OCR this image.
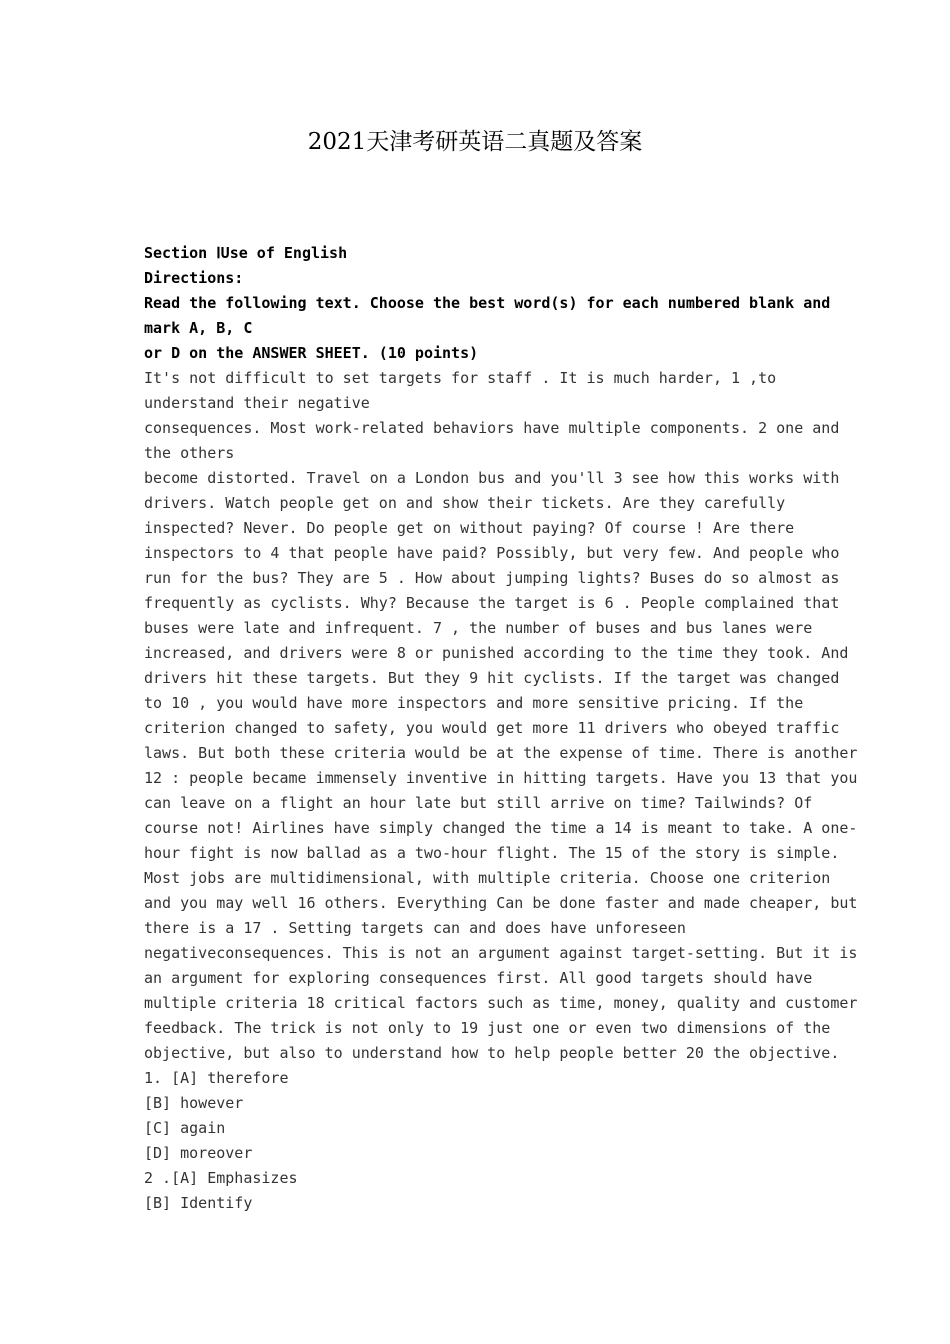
2021天津考研英语二真题及答案
Section ⅠUse of English
Directions:
Read the following text. Choose the best word(s) for each numbered blank and
mark A, B, C
or D on the ANSWER SHEET. (10 points)
It's not difficult to set targets for staff . It is much harder, 1 ,to
understand their negative
consequences. Most work-related behaviors have multiple components. 2 one and
the others
become distorted. Travel on a London bus and you'll 3 see how this works with
drivers. Watch people get on and show their tickets. Are they carefully
inspected? Never. Do people get on without paying? Of course ! Are there
inspectors to 4 that people have paid? Possibly, but very few. And people who
run for the bus? They are 5 . How about jumping lights? Buses do so almost as
frequently as cyclists. Why? Because the target is 6 . People complained that
buses were late and infrequent. 7 , the number of buses and bus lanes were
increased, and drivers were 8 or punished according to the time they took. And
drivers hit these targets. But they 9 hit cyclists. If the target was changed
to 10 , you would have more inspectors and more sensitive pricing. If the
criterion changed to safety, you would get more 11 drivers who obeyed traffic
laws. But both these criteria would be at the expense of time. There is another
12 : people became immensely inventive in hitting targets. Have you 13 that you
can leave on a flight an hour late but still arrive on time? Tailwinds? Of
course not! Airlines have simply changed the time a 14 is meant to take. A one-
hour fight is now ballad as a two-hour flight. The 15 of the story is simple.
Most jobs are multidimensional, with multiple criteria. Choose one criterion
and you may well 16 others. Everything Can be done faster and made cheaper, but
there is a 17 . Setting targets can and does have unforeseen
negativeconsequences. This is not an argument against target-setting. But it is
an argument for exploring consequences first. All good targets should have
multiple criteria 18 critical factors such as time, money, quality and customer
feedback. The trick is not only to 19 just one or even two dimensions of the
objective, but also to understand how to help people better 20 the objective.
1. [A] therefore
[B] however
[C] again
[D] moreover
2 .[A] Emphasizes
[B] Identify
